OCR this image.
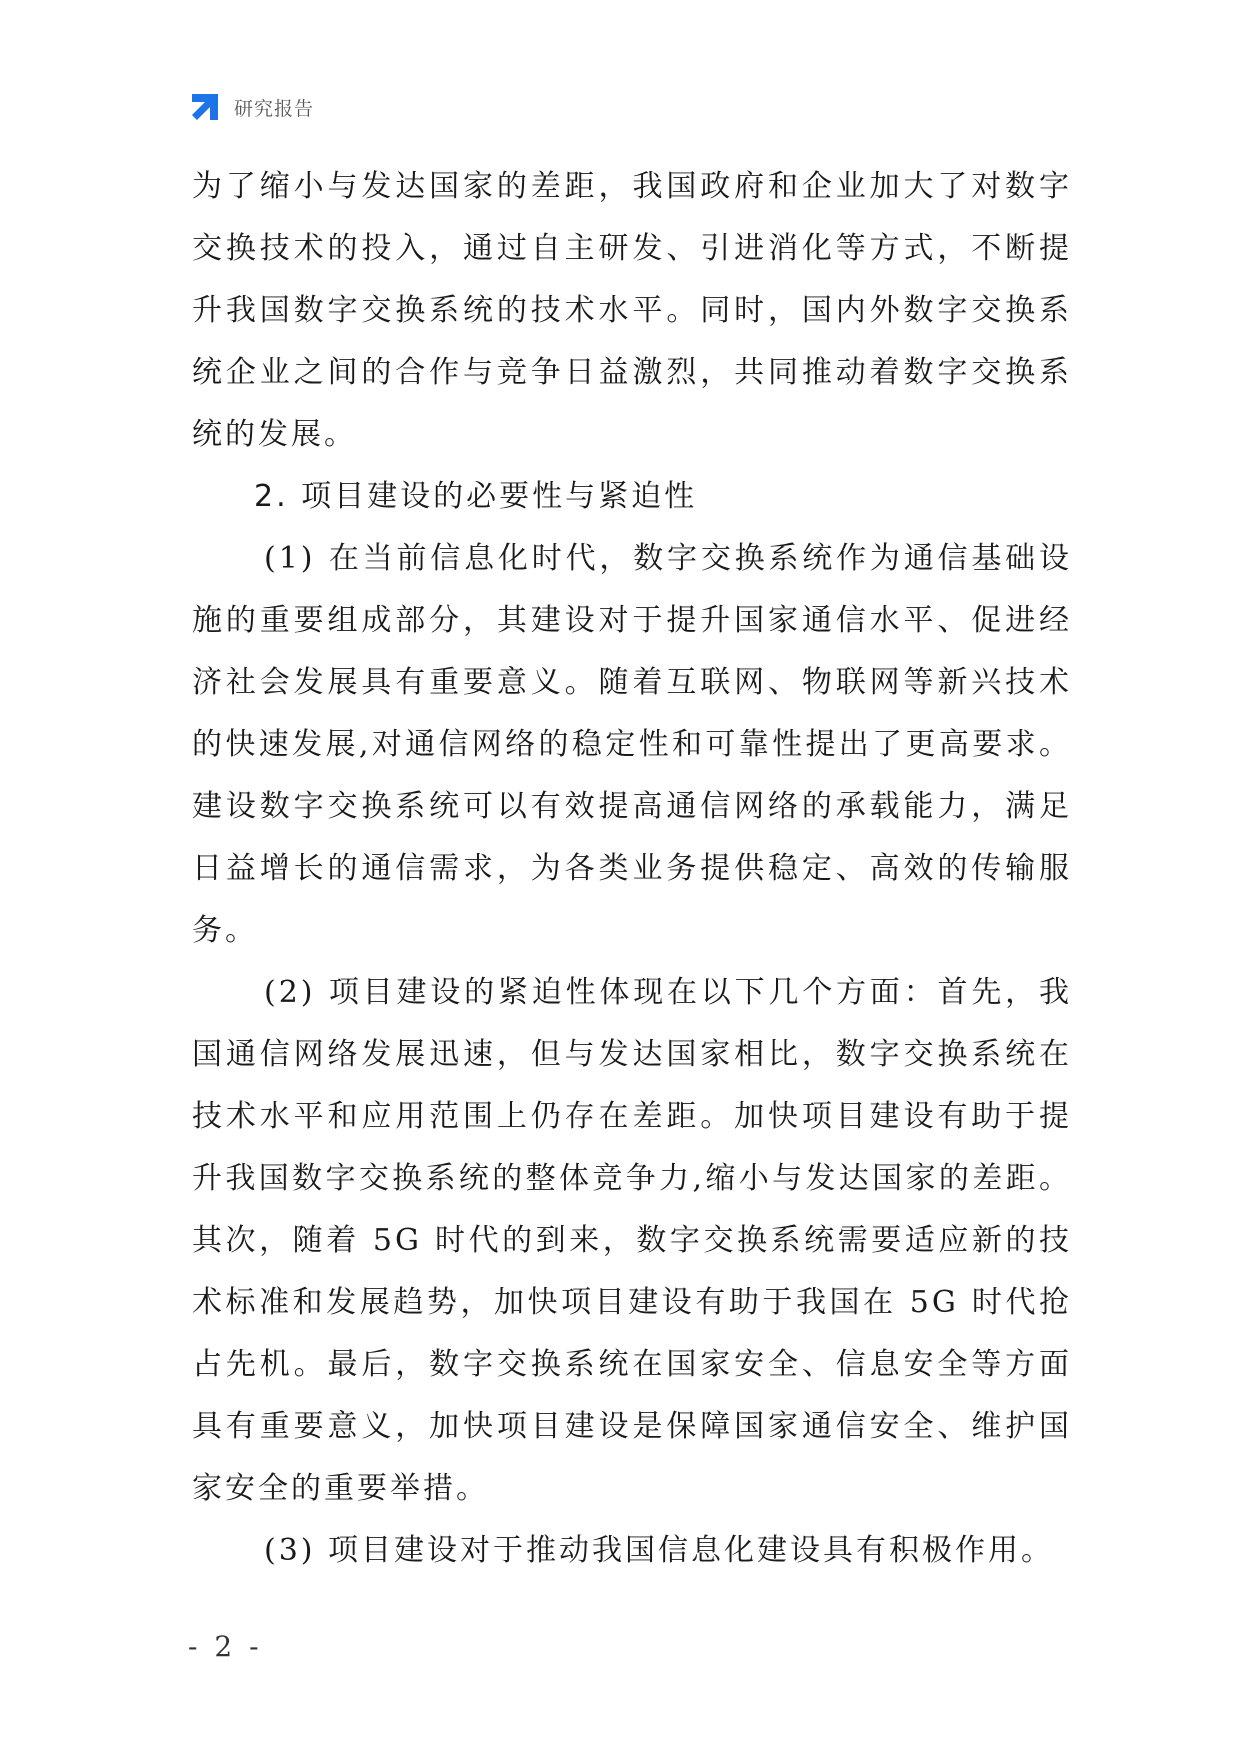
研究报告

为了缩小与发达国家的差距，我国政府和企业加大了对数字交换技术的投入，通过自主研发、引进消化等方式，不断提升我国数字交换系统的技术水平。同时，国内外数字交换系统企业之间的合作与竞争日益激烈，共同推动着数字交换系统的发展。

2. 项目建设的必要性与紧迫性

(1) 在当前信息化时代，数字交换系统作为通信基础设施的重要组成部分，其建设对于提升国家通信水平、促进经济社会发展具有重要意义。随着互联网、物联网等新兴技术的快速发展,对通信网络的稳定性和可靠性提出了更高要求。建设数字交换系统可以有效提高通信网络的承载能力，满足日益增长的通信需求，为各类业务提供稳定、高效的传输服务。

(2) 项目建设的紧迫性体现在以下几个方面：首先，我国通信网络发展迅速，但与发达国家相比，数字交换系统在技术水平和应用范围上仍存在差距。加快项目建设有助于提升我国数字交换系统的整体竞争力,缩小与发达国家的差距。其次，随着 5G 时代的到来，数字交换系统需要适应新的技术标准和发展趋势，加快项目建设有助于我国在 5G 时代抢占先机。最后，数字交换系统在国家安全、信息安全等方面具有重要意义，加快项目建设是保障国家通信安全、维护国家安全的重要举措。

(3) 项目建设对于推动我国信息化建设具有积极作用。

- 2 -
